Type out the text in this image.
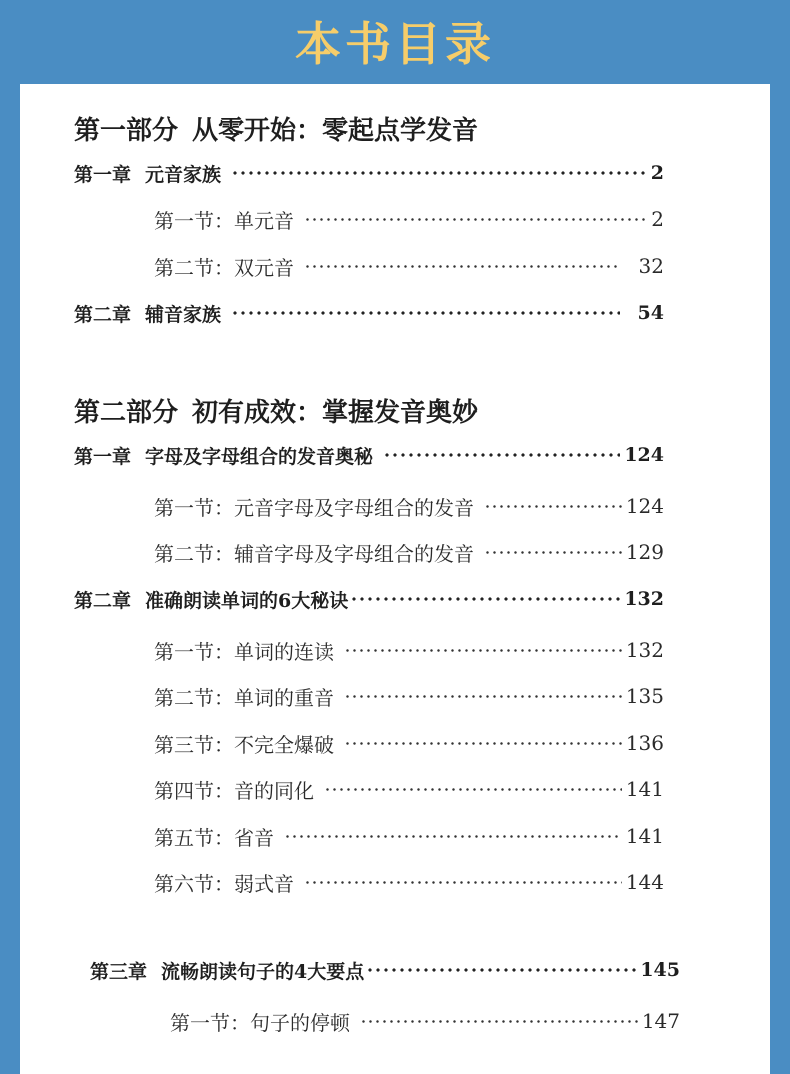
本书目录
第一部分 从零开始：零起点学发音
第一章 元音家族	2
第一节： 单元音	2
第二节： 双元音	32
第二章 辅音家族	54
第二部分 初有成效：掌握发音奥妙
第一章 字母及字母组合的发音奥秘	124
第一节： 元音字母及字母组合的发音	124
第二节： 辅音字母及字母组合的发音	129
第二章 准确朗读单词的6大秘诀	132
第一节： 单词的连读	132
第二节： 单词的重音	135
第三节： 不完全爆破	136
第四节： 音的同化	141
第五节： 省音	141
第六节： 弱式音	144
第三章 流畅朗读句子的4大要点	145
第一节： 句子的停顿	147
